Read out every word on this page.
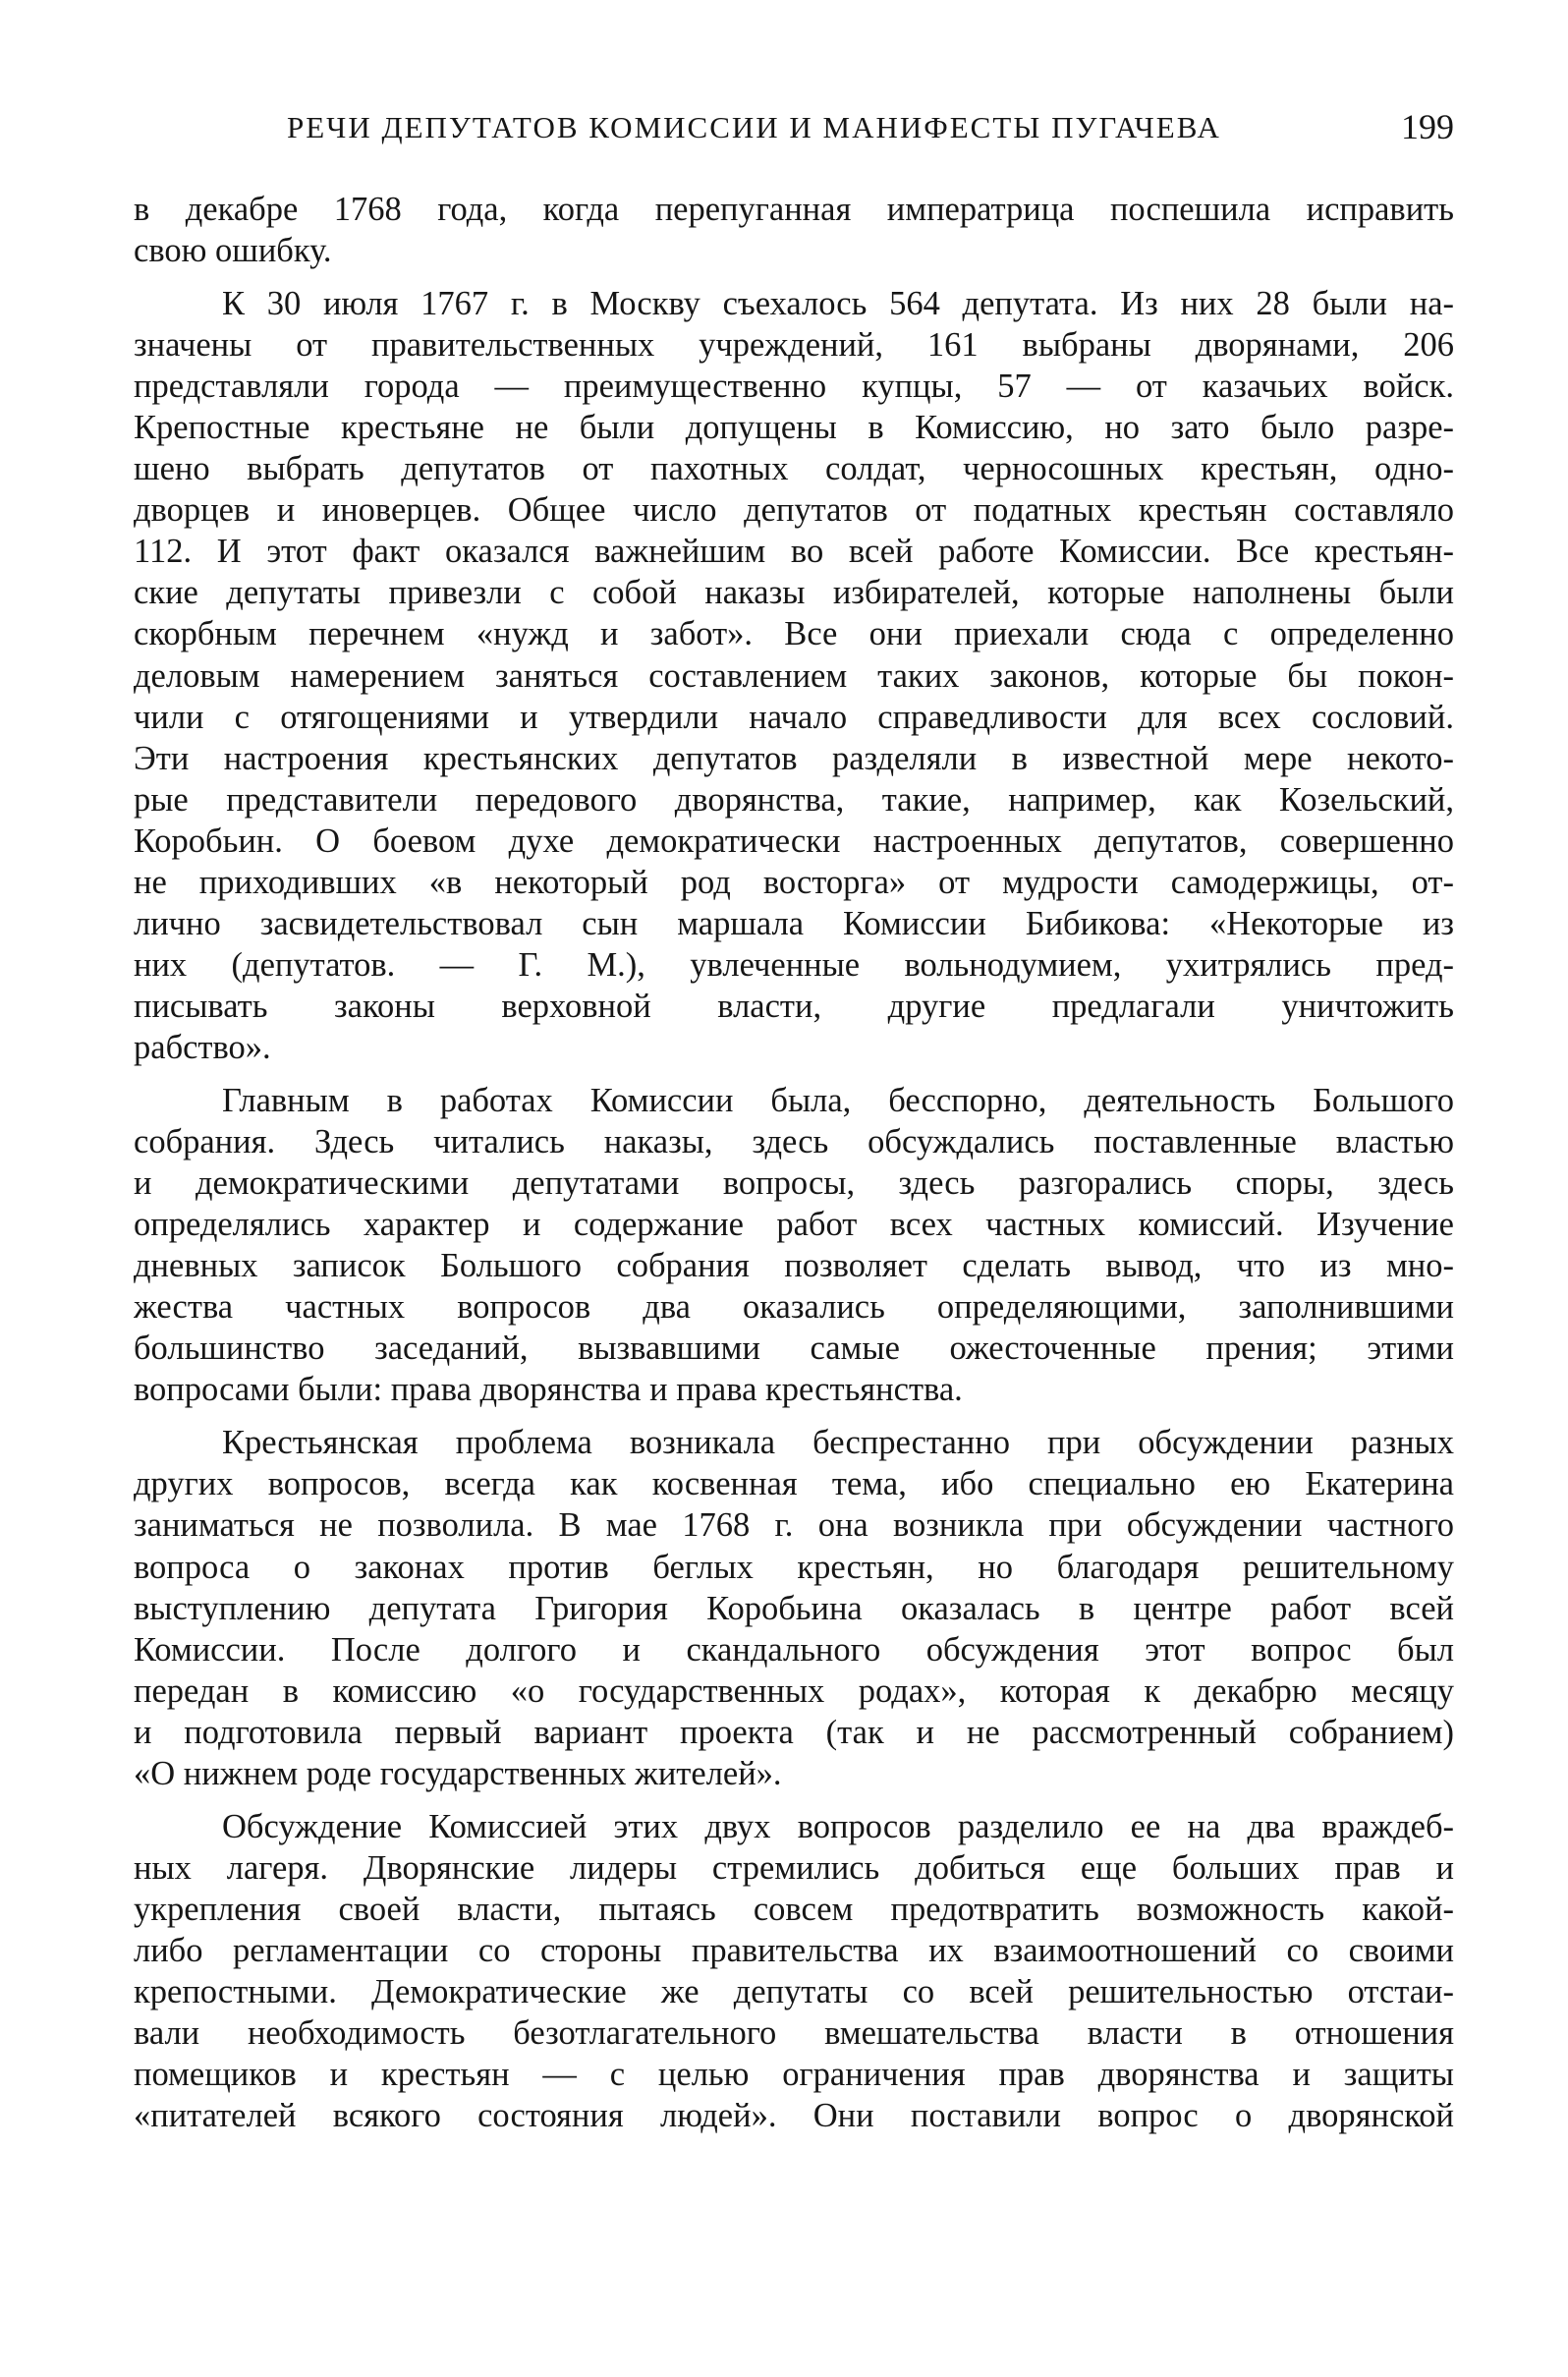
РЕЧИ ДЕПУТАТОВ КОМИССИИ И МАНИФЕСТЫ ПУГАЧЕВА	199
в декабре 1768 года, когда перепуганная императрица поспешила исправить
свою ошибку.
К 30 июля 1767 г. в Москву съехалось 564 депутата. Из них 28 были на-
значены от правительственных учреждений, 161 выбраны дворянами, 206
представляли города — преимущественно купцы, 57 — от казачьих войск.
Крепостные крестьяне не были допущены в Комиссию, но зато было разре-
шено выбрать депутатов от пахотных солдат, черносошных крестьян, одно-
дворцев и иноверцев. Общее число депутатов от податных крестьян составляло
112. И этот факт оказался важнейшим во всей работе Комиссии. Все крестьян-
ские депутаты привезли с собой наказы избирателей, которые наполнены были
скорбным перечнем «нужд и забот». Все они приехали сюда с определенно
деловым намерением заняться составлением таких законов, которые бы покон-
чили с отягощениями и утвердили начало справедливости для всех сословий.
Эти настроения крестьянских депутатов разделяли в известной мере некото-
рые представители передового дворянства, такие, например, как Козельский,
Коробьин. О боевом духе демократически настроенных депутатов, совершенно
не приходивших «в некоторый род восторга» от мудрости самодержицы, от-
лично засвидетельствовал сын маршала Комиссии Бибикова: «Некоторые из
них (депутатов. — Г. М.), увлеченные вольнодумием, ухитрялись пред-
писывать законы верховной власти, другие предлагали уничтожить
рабство».
Главным в работах Комиссии была, бесспорно, деятельность Большого
собрания. Здесь читались наказы, здесь обсуждались поставленные властью
и демократическими депутатами вопросы, здесь разгорались споры, здесь
определялись характер и содержание работ всех частных комиссий. Изучение
дневных записок Большого собрания позволяет сделать вывод, что из мно-
жества частных вопросов два оказались определяющими, заполнившими
большинство заседаний, вызвавшими самые ожесточенные прения; этими
вопросами были: права дворянства и права крестьянства.
Крестьянская проблема возникала беспрестанно при обсуждении разных
других вопросов, всегда как косвенная тема, ибо специально ею Екатерина
заниматься не позволила. В мае 1768 г. она возникла при обсуждении частного
вопроса о законах против беглых крестьян, но благодаря решительному
выступлению депутата Григория Коробьина оказалась в центре работ всей
Комиссии. После долгого и скандального обсуждения этот вопрос был
передан в комиссию «о государственных родах», которая к декабрю месяцу
и подготовила первый вариант проекта (так и не рассмотренный собранием)
«О нижнем роде государственных жителей».
Обсуждение Комиссией этих двух вопросов разделило ее на два враждеб-
ных лагеря. Дворянские лидеры стремились добиться еще больших прав и
укрепления своей власти, пытаясь совсем предотвратить возможность какой-
либо регламентации со стороны правительства их взаимоотношений со своими
крепостными. Демократические же депутаты со всей решительностью отстаи-
вали необходимость безотлагательного вмешательства власти в отношения
помещиков и крестьян — с целью ограничения прав дворянства и защиты
«питателей всякого состояния людей». Они поставили вопрос о дворянской
